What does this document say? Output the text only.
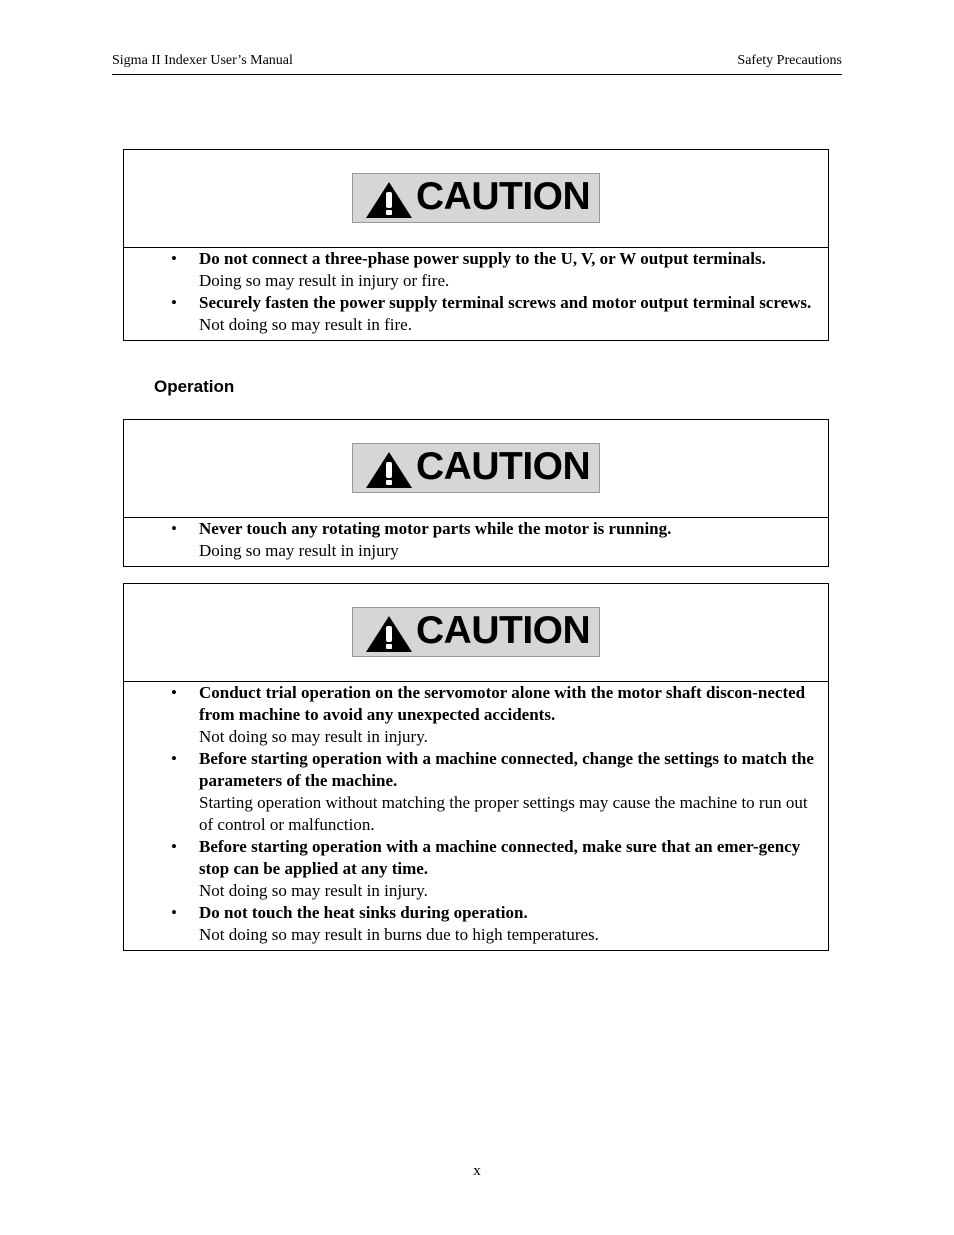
Sigma II Indexer User’s Manual	Safety Precautions
CAUTION
• Do not connect a three-phase power supply to the U, V, or W output terminals.
Doing so may result in injury or fire.
• Securely fasten the power supply terminal screws and motor output terminal screws.
Not doing so may result in fire.
Operation
CAUTION
• Never touch any rotating motor parts while the motor is running.
Doing so may result in injury
CAUTION
• Conduct trial operation on the servomotor alone with the motor shaft discon-nected from machine to avoid any unexpected accidents.
Not doing so may result in injury.
• Before starting operation with a machine connected, change the settings to match the parameters of the machine.
Starting operation without matching the proper settings may cause the machine to run out of control or malfunction.
• Before starting operation with a machine connected, make sure that an emer-gency stop can be applied at any time.
Not doing so may result in injury.
• Do not touch the heat sinks during operation.
Not doing so may result in burns due to high temperatures.
x
